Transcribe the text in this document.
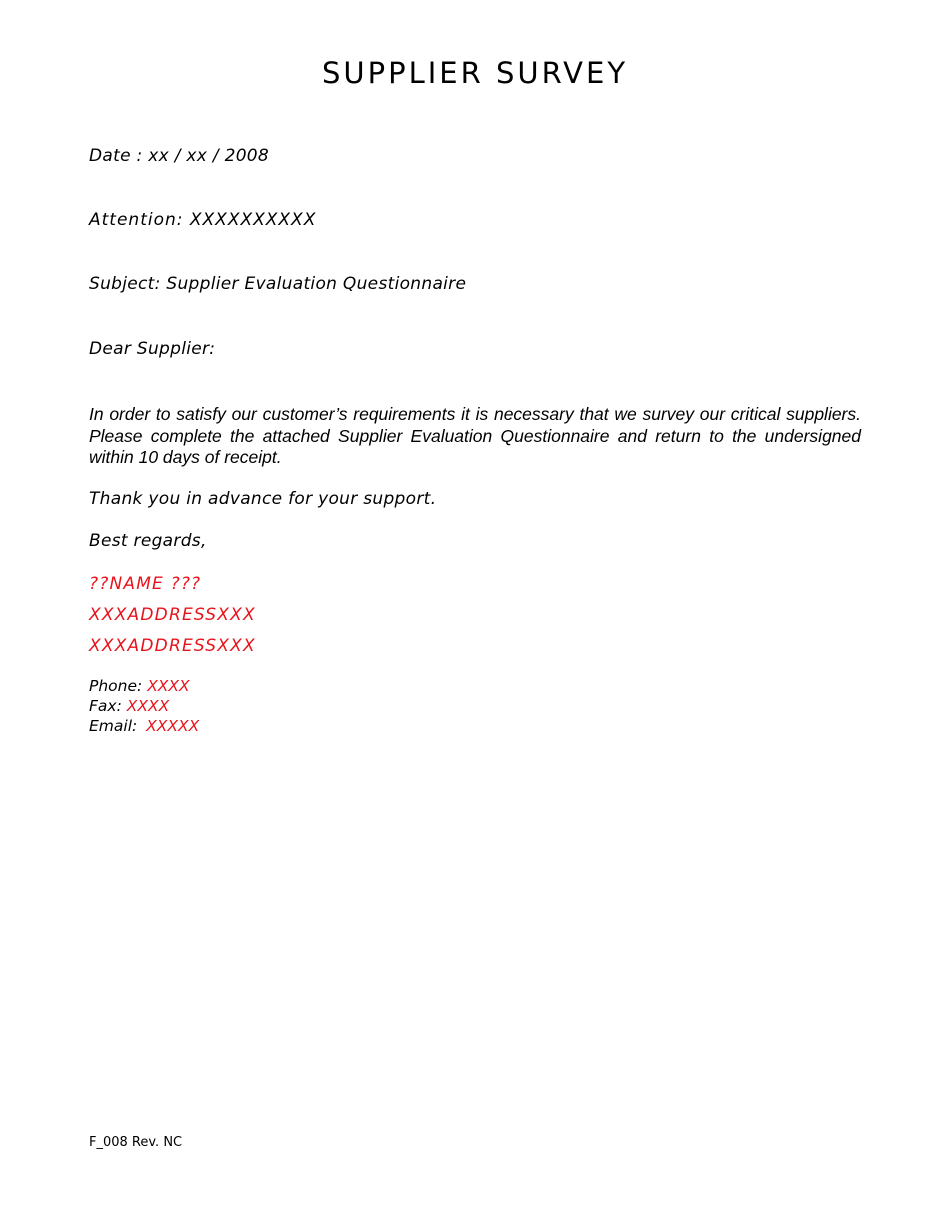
SUPPLIER SURVEY
Date : xx / xx / 2008
Attention: XXXXXXXXXX
Subject: Supplier Evaluation Questionnaire
Dear Supplier:

In order to satisfy our customer’s requirements it is necessary that we survey our critical suppliers. Please complete the attached Supplier Evaluation Questionnaire and return to the undersigned within 10 days of receipt.

Thank you in advance for your support.
Best regards,
??NAME ???
XXXADDRESSXXX
XXXADDRESSXXX
Phone: XXXX
Fax: XXXX
Email: XXXXX
F_008 Rev. NC
